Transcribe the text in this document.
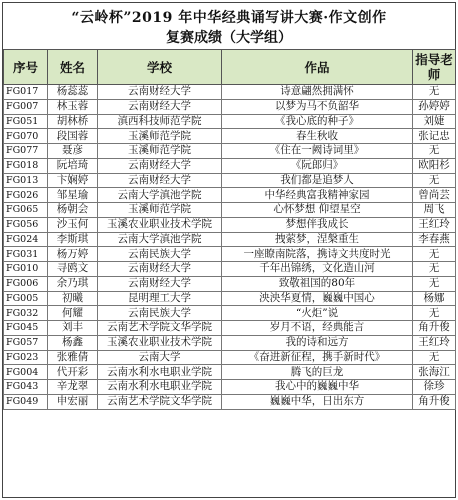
“云岭杯”2019 年中华经典诵写讲大赛·作文创作
复赛成绩（大学组）
序号	姓名	学校	作品	指导老师
FG017	杨蕊蕊	云南财经大学	诗意翩然拥满怀	无
FG007	林玉蓉	云南财经大学	以梦为马不负韶华	孙婷婷
FG051	胡林桥	滇西科技师范学院	《我心底的种子》	刘婕
FG070	段国蓉	玉溪师范学院	春生秋收	张记忠
FG077	聂彦	玉溪师范学院	《住在一阙诗词里》	无
FG018	阮培琦	云南财经大学	《阮郎归》	欧阳杉
FG013	卞娴婷	云南财经大学	我们都是追梦人	无
FG026	邹星瑜	云南大学滇池学院	中华经典富我精神家园	曾尚芸
FG065	杨朝会	玉溪师范学院	心怀梦想 仰望星空	周飞
FG056	沙玉何	玉溪农业职业技术学院	梦想伴我成长	王红玲
FG024	李斯琪	云南大学滇池学院	拽萦梦，涅槃重生	李春燕
FG031	杨万婷	云南民族大学	一座瞭南院落，携诗文共度时光	无
FG010	寻鸥文	云南财经大学	千年出锦绣，文化造山河	无
FG006	余乃琪	云南财经大学	致敬祖国的80年	无
FG005	初曦	昆明理工大学	泱泱华夏情，巍巍中国心	杨娜
FG032	何耀	云南民族大学	“火炬”说	无
FG045	刘丰	云南艺术学院文华学院	岁月不语，经典能言	角升俊
FG057	杨鑫	玉溪农业职业技术学院	我的诗和远方	王红玲
FG023	张雅倩	云南大学	《奋进新征程，携手新时代》	无
FG004	代开彩	云南水利水电职业学院	腾飞的巨龙	张海江
FG043	辛龙翠	云南水利水电职业学院	我心中的巍巍中华	徐珍
FG049	申宏丽	云南艺术学院文华学院	巍巍中华，日出东方	角升俊
